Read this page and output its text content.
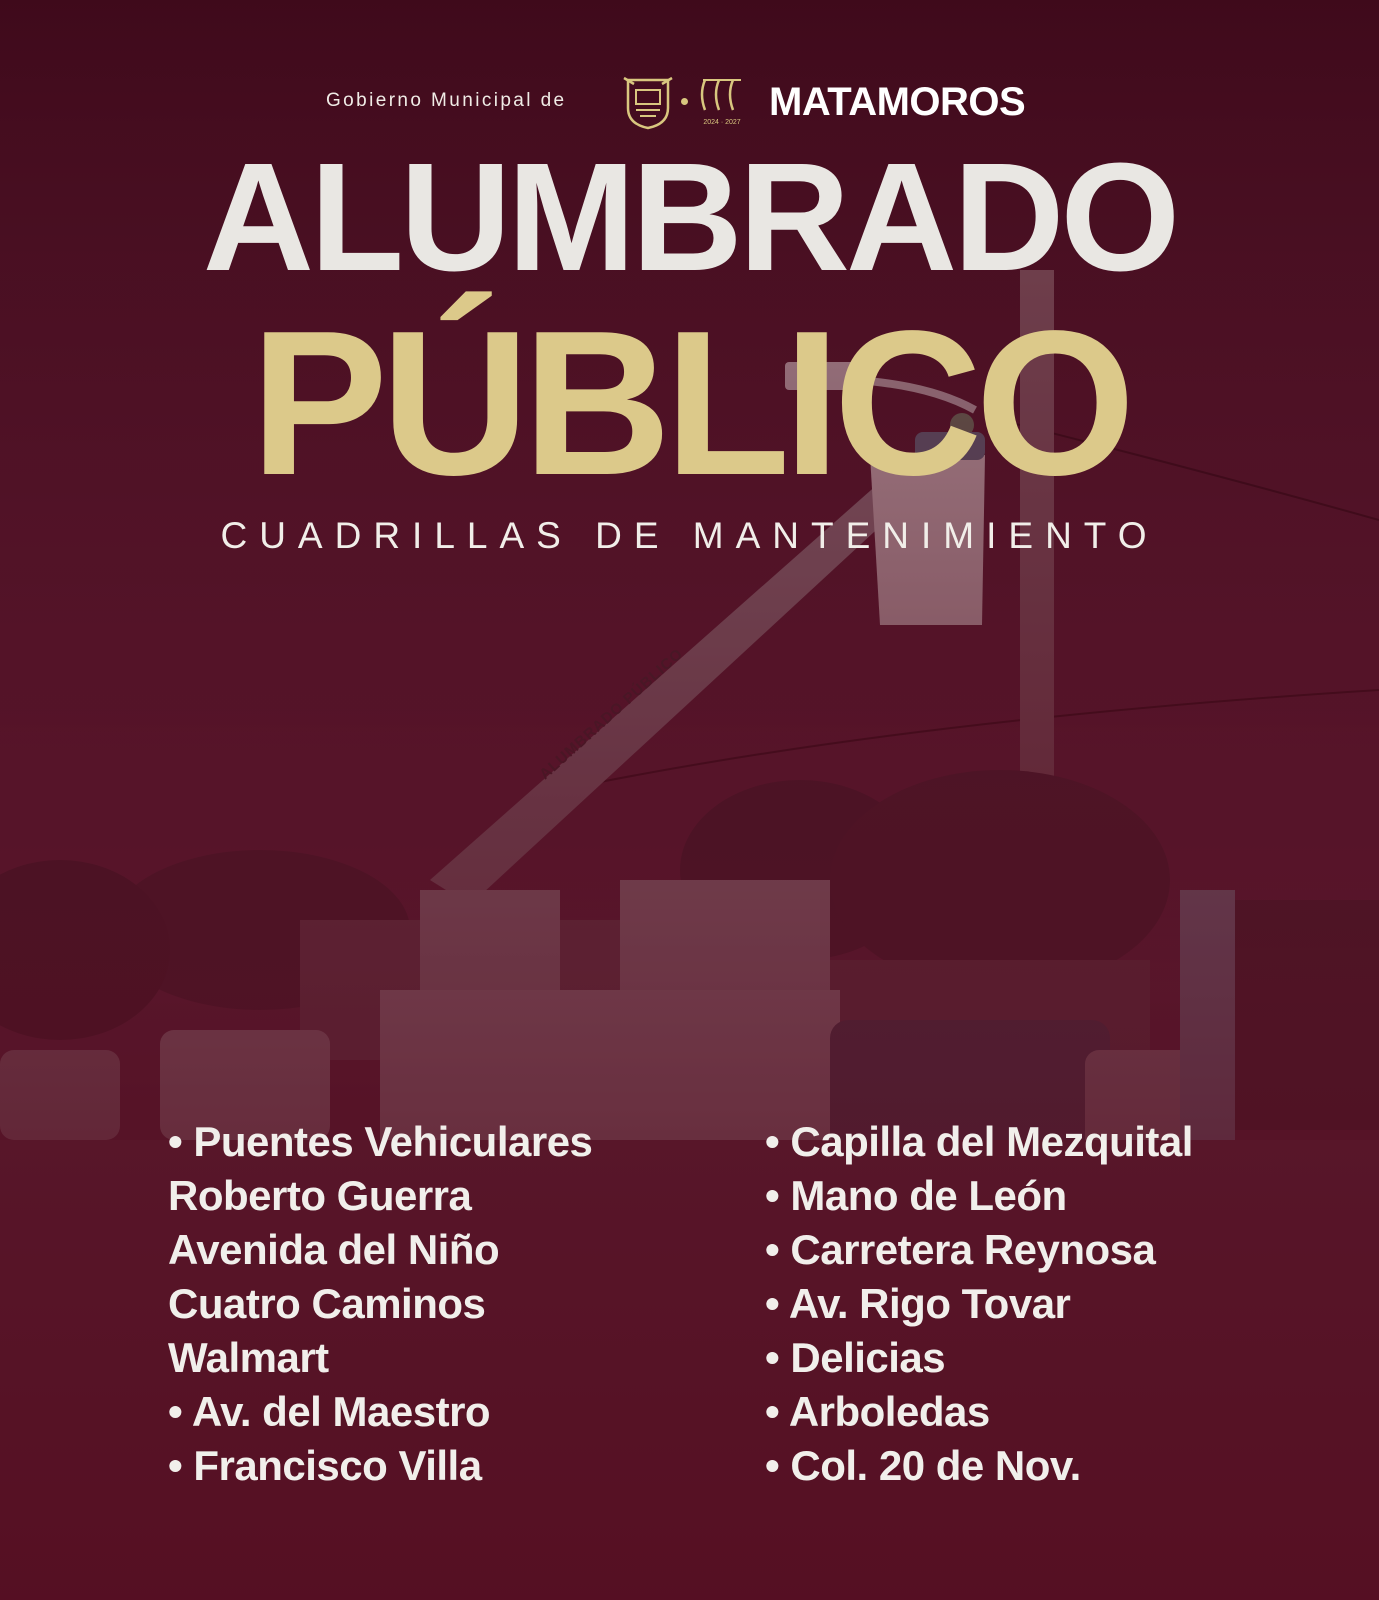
Gobierno Municipal de
2024 · 2027 MATAMOROS
ALUMBRADO
PÚBLICO
CUADRILLAS DE MANTENIMIENTO
• Puentes Vehiculares
Roberto Guerra
Avenida del Niño
Cuatro Caminos
Walmart
• Av. del Maestro
• Francisco Villa
• Capilla del Mezquital
• Mano de León
• Carretera Reynosa
• Av. Rigo Tovar
• Delicias
• Arboledas
• Col. 20 de Nov.
